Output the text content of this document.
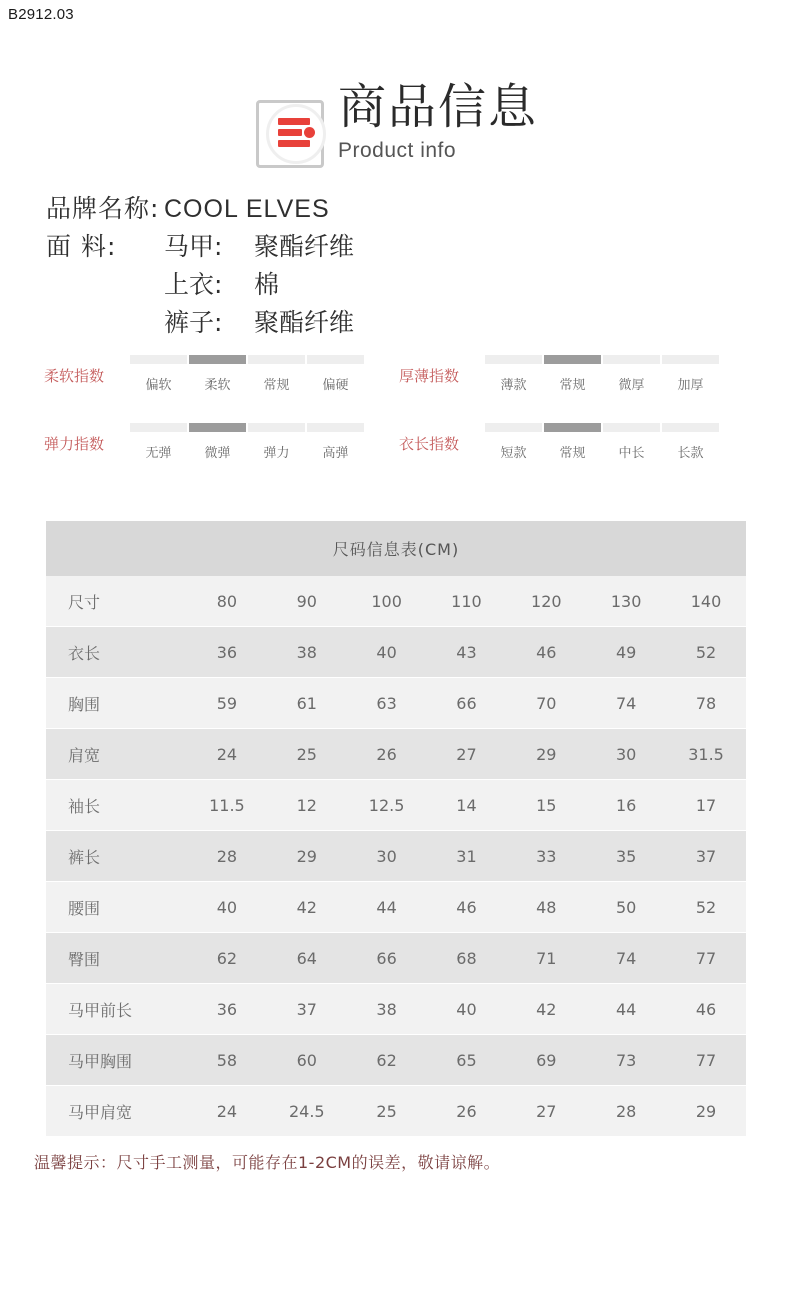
B2912.03
商品信息
Product info
品牌名称: COOL ELVES
面 料:	马甲:	聚酯纤维
上衣:	棉
裤子:	聚酯纤维
柔软指数
偏软	柔软	常规	偏硬
厚薄指数
薄款	常规	微厚	加厚
弹力指数
无弹	微弹	弹力	高弹
衣长指数
短款	常规	中长	长款
尺码信息表(CM)
尺寸	80	90	100	110	120	130	140
衣长	36	38	40	43	46	49	52
胸围	59	61	63	66	70	74	78
肩宽	24	25	26	27	29	30	31.5
袖长	11.5	12	12.5	14	15	16	17
裤长	28	29	30	31	33	35	37
腰围	40	42	44	46	48	50	52
臀围	62	64	66	68	71	74	77
马甲前长	36	37	38	40	42	44	46
马甲胸围	58	60	62	65	69	73	77
马甲肩宽	24	24.5	25	26	27	28	29
温馨提示：尺寸手工测量，可能存在1-2CM的误差，敬请谅解。
